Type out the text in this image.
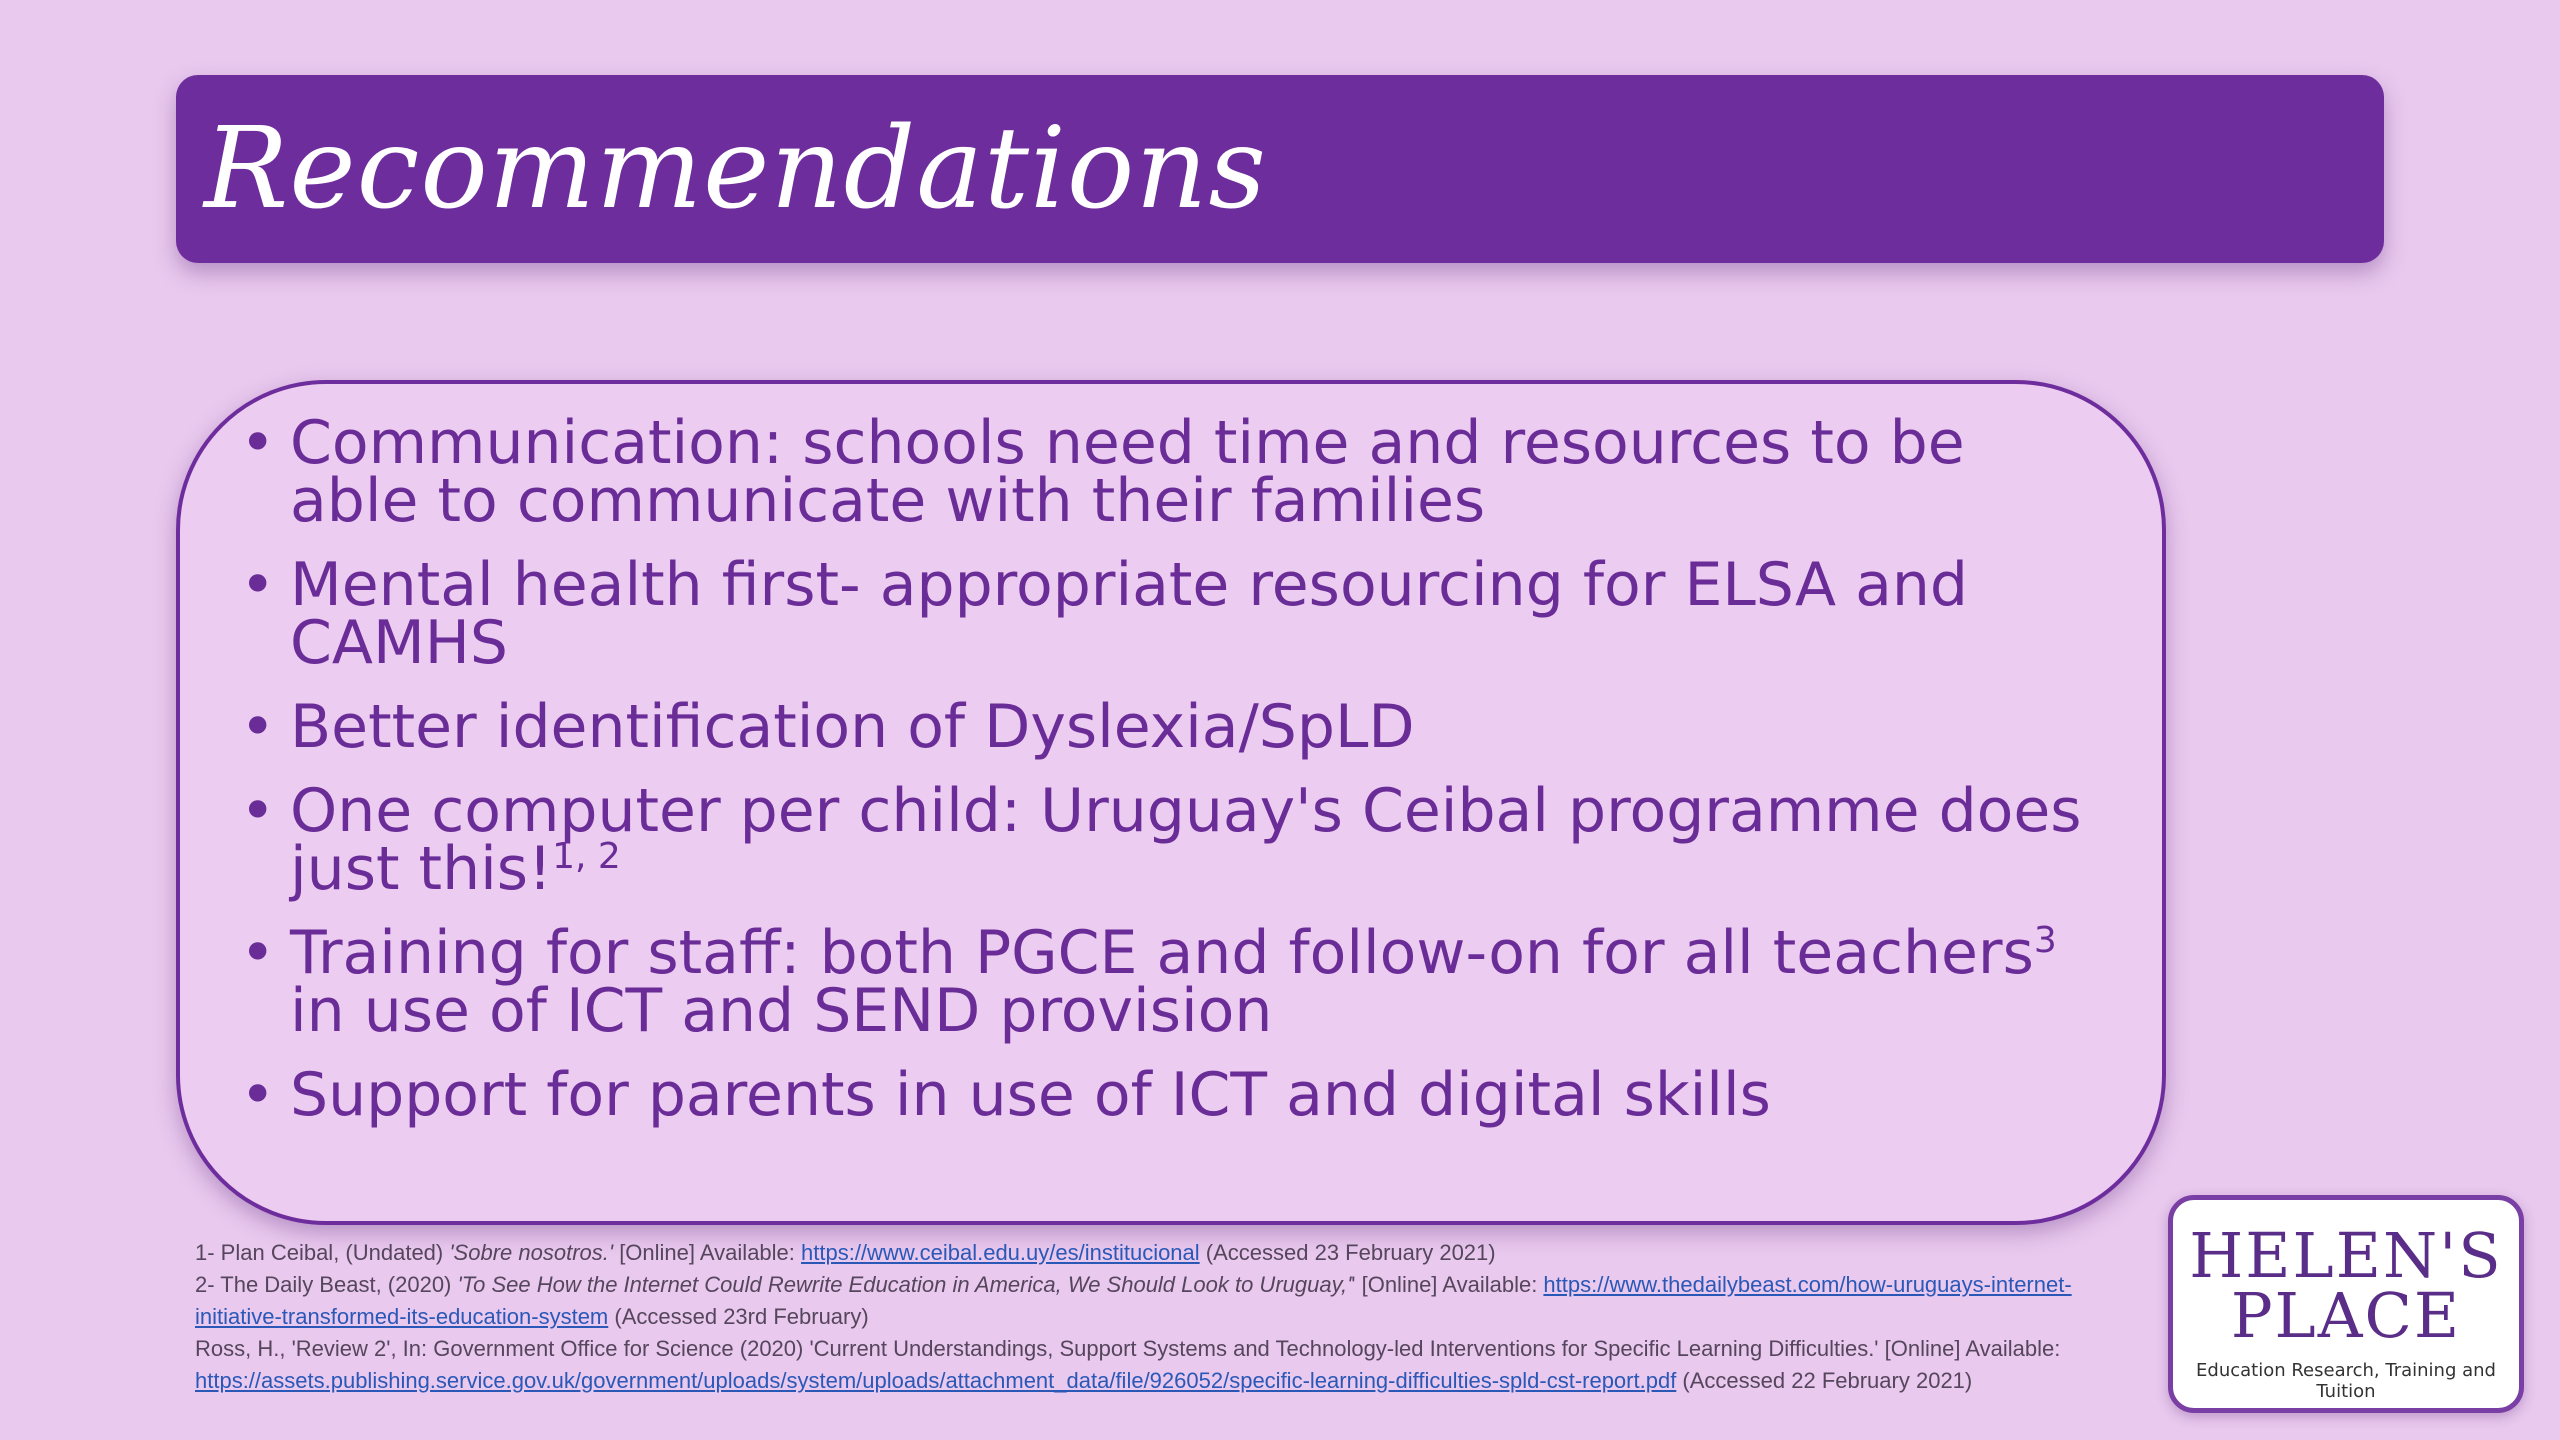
Recommendations
• Communication: schools need time and resources to be able to communicate with their families
• Mental health first- appropriate resourcing for ELSA and CAMHS
• Better identification of Dyslexia/SpLD
• One computer per child: Uruguay's Ceibal programme does just this!$^{1, 2}$
• Training for staff: both PGCE and follow-on for all teachers$^3$ in use of ICT and SEND provision
• Support for parents in use of ICT and digital skills

1- Plan Ceibal, (Undated) 'Sobre nosotros.' [Online] Available: https://www.ceibal.edu.uy/es/institucional (Accessed 23 February 2021)

2- The Daily Beast, (2020) 'To See How the Internet Could Rewrite Education in America, We Should Look to Uruguay,'' [Online] Available: https://www.thedailybeast.com/how-uruguays-internet-initiative-transformed-its-education-system (Accessed 23rd February)

Ross, H., 'Review 2', In: Government Office for Science (2020) 'Current Understandings, Support Systems and Technology-led Interventions for Specific Learning Difficulties.' [Online] Available: https://assets.publishing.service.gov.uk/government/uploads/system/uploads/attachment_data/file/926052/specific-learning-difficulties-spld-cst-report.pdf (Accessed 22 February 2021)

HELEN'S
PLACE
Education Research, Training and Tuition
